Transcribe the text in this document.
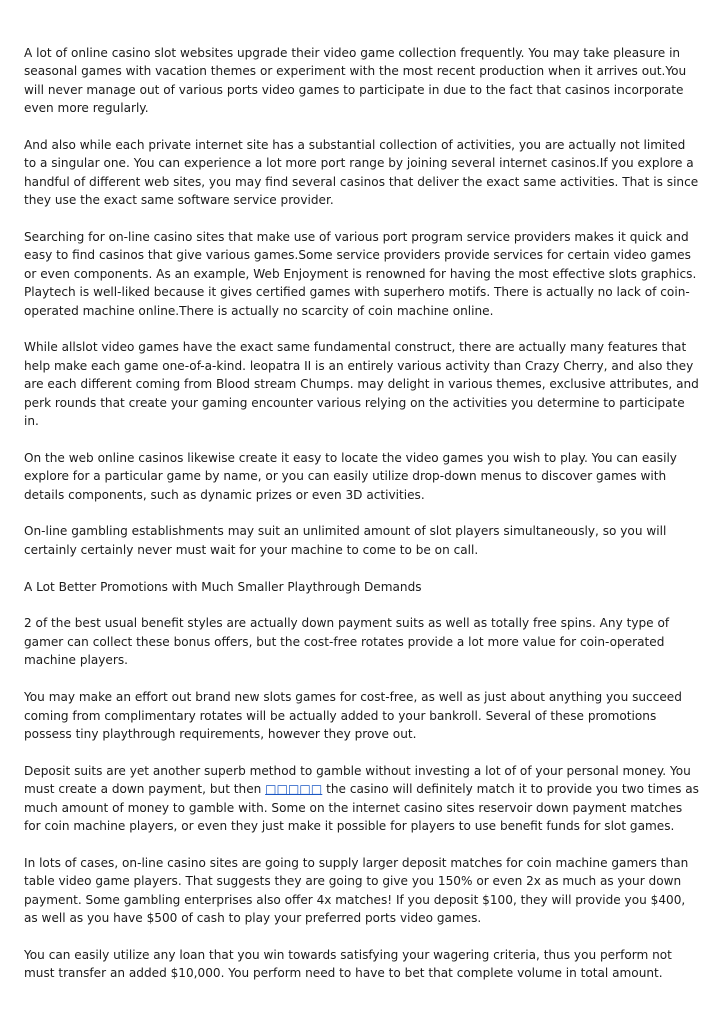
A lot of online casino slot websites upgrade their video game collection frequently. You may take pleasure in seasonal games with vacation themes or experiment with the most recent production when it arrives out.You will never manage out of various ports video games to participate in due to the fact that casinos incorporate even more regularly.

And also while each private internet site has a substantial collection of activities, you are actually not limited to a singular one. You can experience a lot more port range by joining several internet casinos.If you explore a handful of different web sites, you may find several casinos that deliver the exact same activities. That is since they use the exact same software service provider.

Searching for on-line casino sites that make use of various port program service providers makes it quick and easy to find casinos that give various games.Some service providers provide services for certain video games or even components. As an example, Web Enjoyment is renowned for having the most effective slots graphics. Playtech is well-liked because it gives certified games with superhero motifs. There is actually no lack of coin-operated machine online.There is actually no scarcity of coin machine online.

While allslot video games have the exact same fundamental construct, there are actually many features that help make each game one-of-a-kind. leopatra II is an entirely various activity than Crazy Cherry, and also they are each different coming from Blood stream Chumps. may delight in various themes, exclusive attributes, and perk rounds that create your gaming encounter various relying on the activities you determine to participate in.

On the web online casinos likewise create it easy to locate the video games you wish to play. You can easily explore for a particular game by name, or you can easily utilize drop-down menus to discover games with details components, such as dynamic prizes or even 3D activities.

On-line gambling establishments may suit an unlimited amount of slot players simultaneously, so you will certainly certainly never must wait for your machine to come to be on call.

A Lot Better Promotions with Much Smaller Playthrough Demands

2 of the best usual benefit styles are actually down payment suits as well as totally free spins. Any type of gamer can collect these bonus offers, but the cost-free rotates provide a lot more value for coin-operated machine players.

You may make an effort out brand new slots games for cost-free, as well as just about anything you succeed coming from complimentary rotates will be actually added to your bankroll. Several of these promotions possess tiny playthrough requirements, however they prove out.

Deposit suits are yet another superb method to gamble without investing a lot of of your personal money. You must create a down payment, but then □□□□□ the casino will definitely match it to provide you two times as much amount of money to gamble with. Some on the internet casino sites reservoir down payment matches for coin machine players, or even they just make it possible for players to use benefit funds for slot games.

In lots of cases, on-line casino sites are going to supply larger deposit matches for coin machine gamers than table video game players. That suggests they are going to give you 150% or even 2x as much as your down payment. Some gambling enterprises also offer 4x matches! If you deposit $100, they will provide you $400, as well as you have $500 of cash to play your preferred ports video games.

You can easily utilize any loan that you win towards satisfying your wagering criteria, thus you perform not must transfer an added $10,000. You perform need to have to bet that complete volume in total amount.
